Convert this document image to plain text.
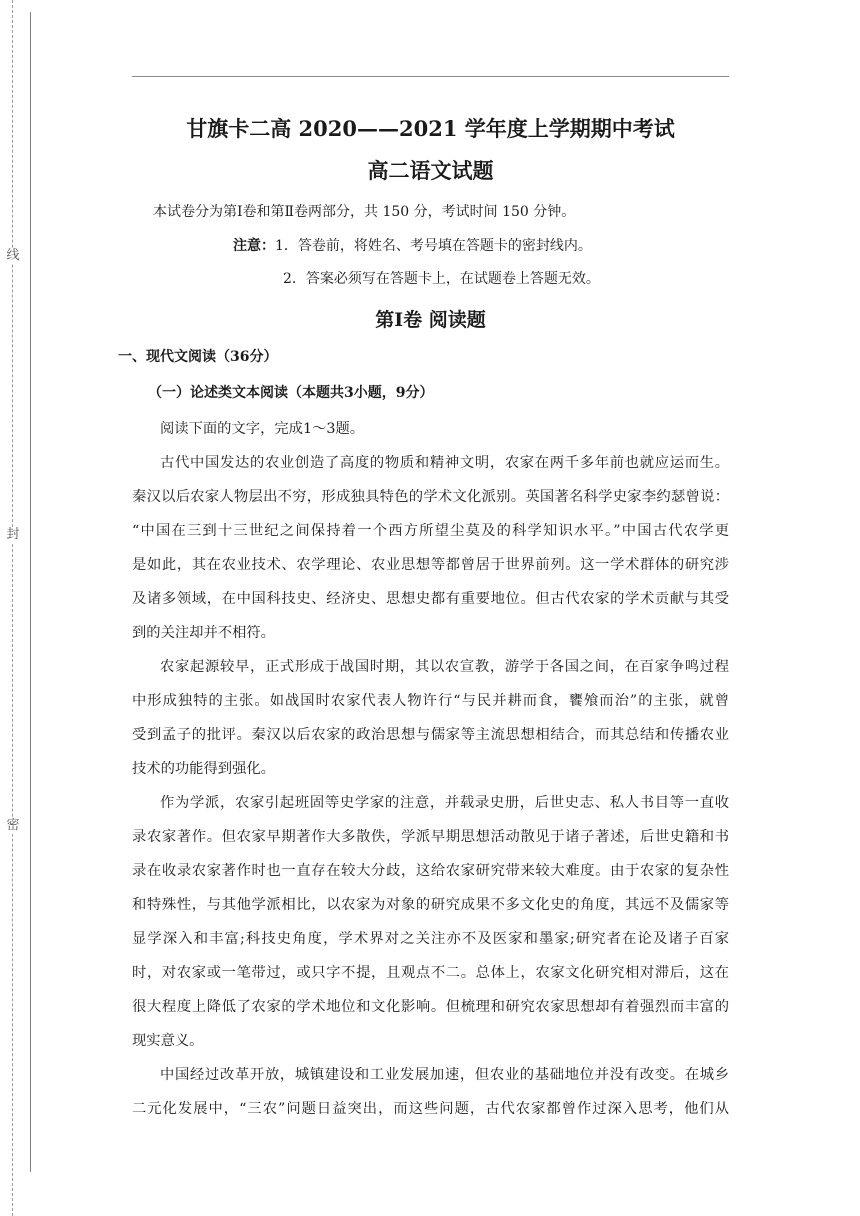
线
封
密
甘旗卡二高 2020——2021 学年度上学期期中考试
高二语文试题
本试卷分为第Ⅰ卷和第Ⅱ卷两部分，共 150 分，考试时间 150 分钟。
注意：1．答卷前，将姓名、考号填在答题卡的密封线内。
2．答案必须写在答题卡上，在试题卷上答题无效。
第Ⅰ卷 阅读题
一、现代文阅读（36分）
（一）论述类文本阅读（本题共3小题，9分）
阅读下面的文字，完成1～3题。
古代中国发达的农业创造了高度的物质和精神文明，农家在两千多年前也就应运而生。
秦汉以后农家人物层出不穷，形成独具特色的学术文化派别。英国著名科学史家李约瑟曾说：
“中国在三到十三世纪之间保持着一个西方所望尘莫及的科学知识水平。”中国古代农学更
是如此，其在农业技术、农学理论、农业思想等都曾居于世界前列。这一学术群体的研究涉
及诸多领域，在中国科技史、经济史、思想史都有重要地位。但古代农家的学术贡献与其受
到的关注却并不相符。
农家起源较早，正式形成于战国时期，其以农宣教，游学于各国之间，在百家争鸣过程
中形成独特的主张。如战国时农家代表人物许行“与民并耕而食，饔飧而治”的主张，就曾
受到孟子的批评。秦汉以后农家的政治思想与儒家等主流思想相结合，而其总结和传播农业
技术的功能得到强化。
作为学派，农家引起班固等史学家的注意，并载录史册，后世史志、私人书目等一直收
录农家著作。但农家早期著作大多散佚，学派早期思想活动散见于诸子著述，后世史籍和书
录在收录农家著作时也一直存在较大分歧，这给农家研究带来较大难度。由于农家的复杂性
和特殊性，与其他学派相比，以农家为对象的研究成果不多文化史的角度，其远不及儒家等
显学深入和丰富;科技史角度，学术界对之关注亦不及医家和墨家;研究者在论及诸子百家
时，对农家或一笔带过，或只字不提，且观点不二。总体上，农家文化研究相对滞后，这在
很大程度上降低了农家的学术地位和文化影响。但梳理和研究农家思想却有着强烈而丰富的
现实意义。
中国经过改革开放，城镇建设和工业发展加速，但农业的基础地位并没有改变。在城乡
二元化发展中，“三农”问题日益突出，而这些问题，古代农家都曾作过深入思考，他们从
